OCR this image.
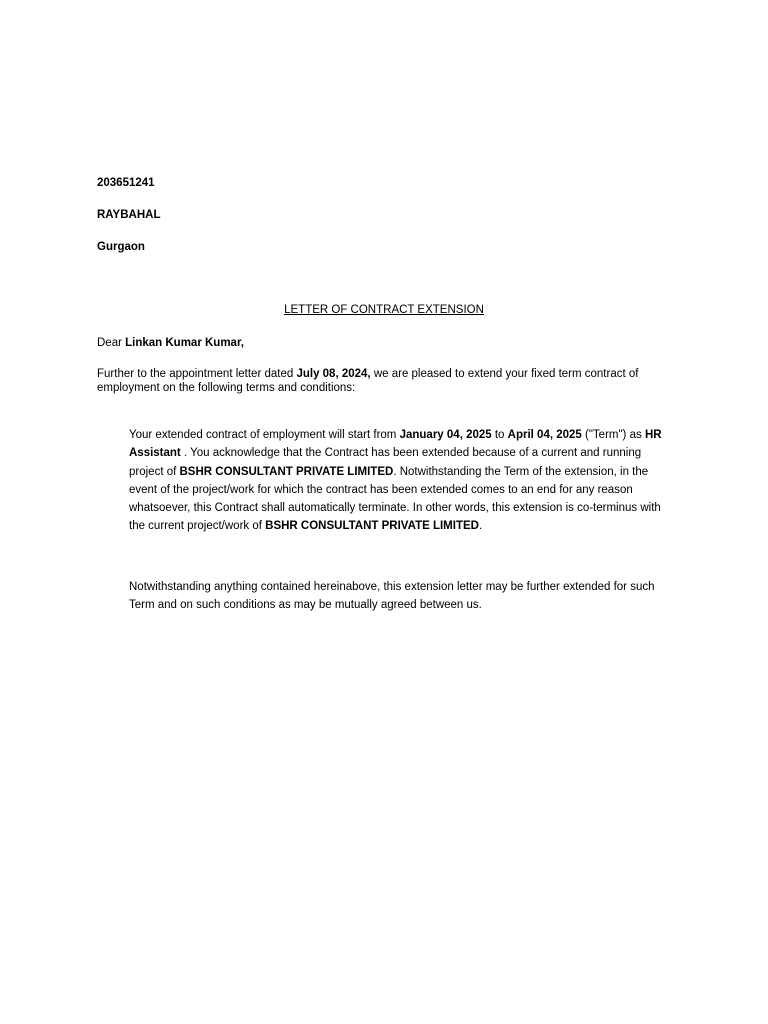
203651241

RAYBAHAL

Gurgaon

LETTER OF CONTRACT EXTENSION

Dear Linkan Kumar Kumar,

Further to the appointment letter dated July 08, 2024, we are pleased to extend your fixed term contract of employment on the following terms and conditions:

Your extended contract of employment will start from January 04, 2025 to April 04, 2025 ("Term") as HR Assistant . You acknowledge that the Contract has been extended because of a current and running project of BSHR CONSULTANT PRIVATE LIMITED. Notwithstanding the Term of the extension, in the event of the project/work for which the contract has been extended comes to an end for any reason whatsoever, this Contract shall automatically terminate. In other words, this extension is co-terminus with the current project/work of BSHR CONSULTANT PRIVATE LIMITED.

Notwithstanding anything contained hereinabove, this extension letter may be further extended for such Term and on such conditions as may be mutually agreed between us.
